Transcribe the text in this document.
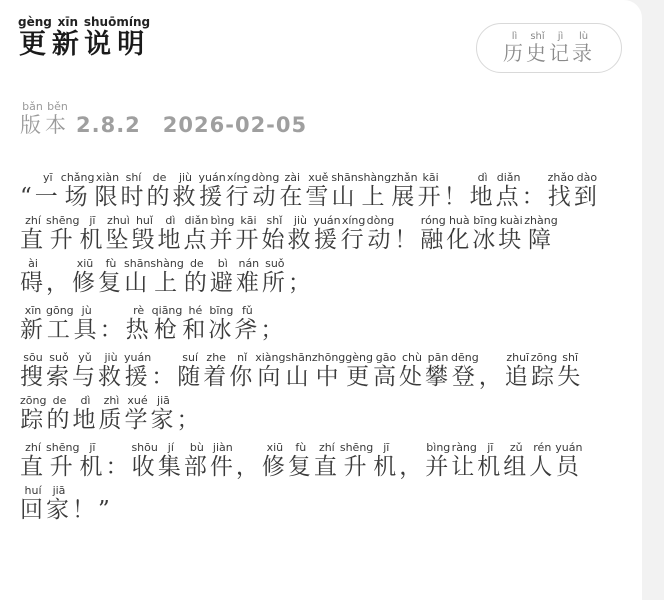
更gèng新xīn说shuō明míng
历lì
史shǐ
记jì
录lù
版bǎn本běn
2.8.2 2026-02-05

“ 一yī场chǎng限xiàn时shí的de救jiù援yuán行xíng动dòng在zài雪xuě山shān上shàng展zhǎn开kāi！ 地dì点diǎn： 找zhǎo到dào直zhí升shēng机jī坠zhuì毁huǐ地dì点diǎn并bìng开kāi始shǐ救jiù援yuán行xíng动dòng！ 融róng化huà冰bīng块kuài障zhàng碍ài， 修xiū复fù山shān上shàng的de避bì难nán所suǒ；

新xīn工gōng具jù： 热rè枪qiāng和hé冰bīng斧fǔ；

搜sōu索suǒ与yǔ救jiù援yuán： 随suí着zhe你nǐ向xiàng山shān中zhōng更gèng高gāo处chù攀pān登dēng， 追zhuī踪zōng失shī踪zōng的de地dì质zhì学xué家jiā；

直zhí升shēng机jī： 收shōu集jí部bù件jiàn， 修xiū复fù直zhí升shēng机jī， 并bìng让ràng机jī组zǔ人rén员yuán回huí家jiā！ ”
